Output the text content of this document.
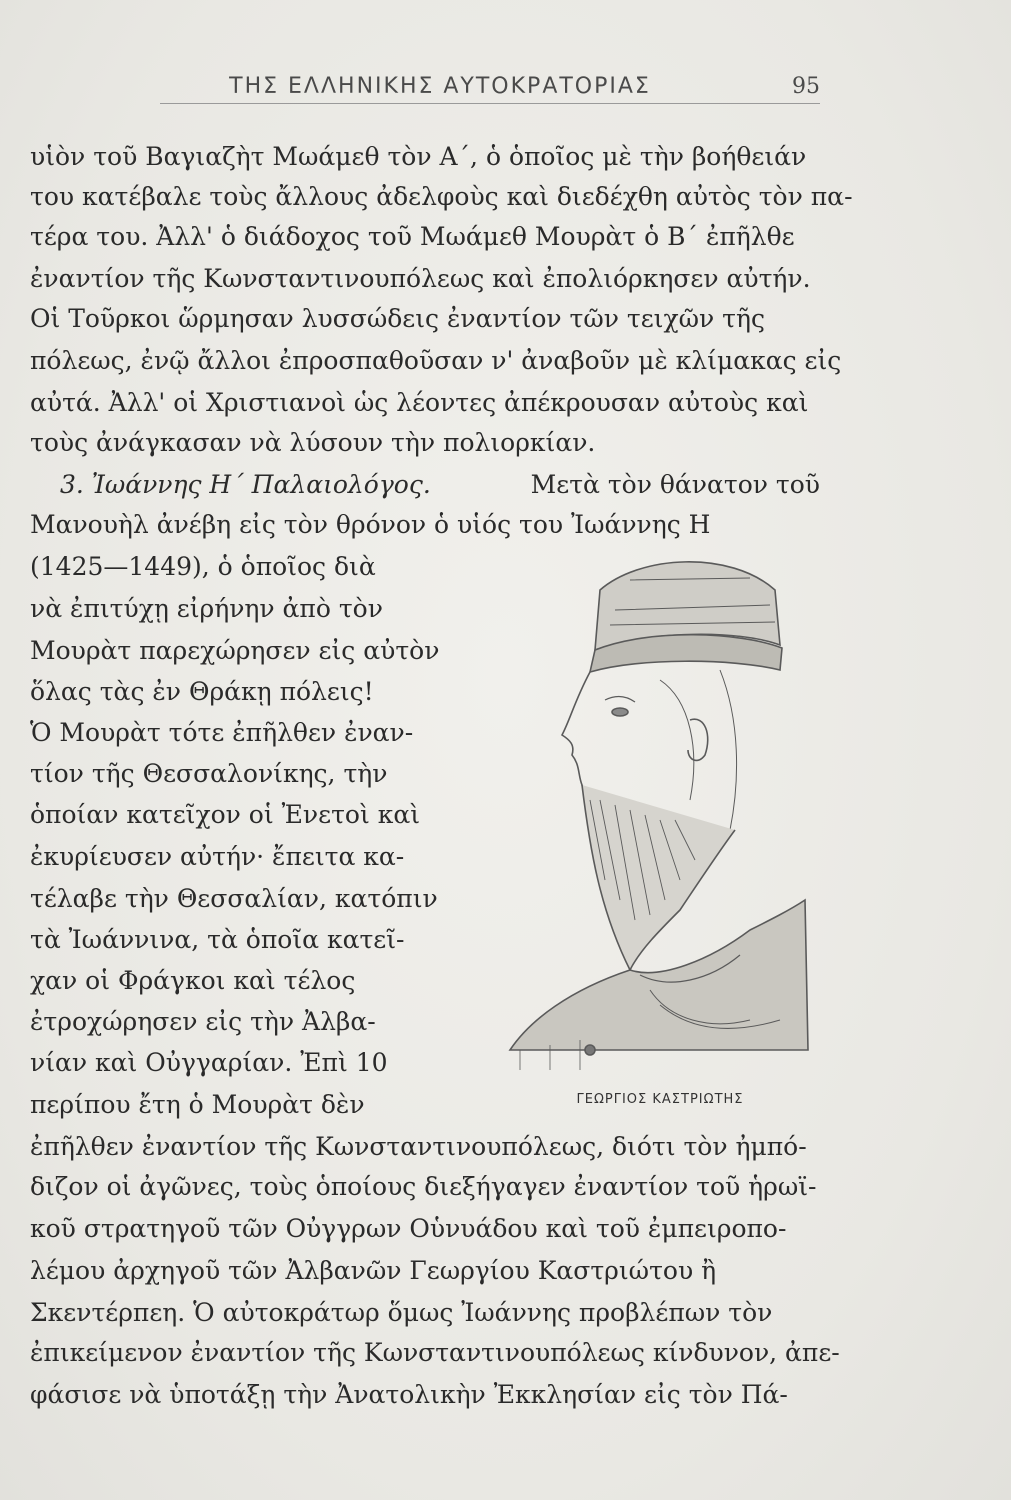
ΤΗΣ ΕΛΛΗΝΙΚΗΣ ΑΥΤΟΚΡΑΤΟΡΙΑΣ	95
υἱὸν τοῦ Βαγιαζὴτ Μωάμεθ τὸν Α΄, ὁ ὁποῖος μὲ τὴν βοήθειάν
του κατέβαλε τοὺς ἄλλους ἀδελφοὺς καὶ διεδέχθη αὐτὸς τὸν πα-
τέρα του. Ἀλλ' ὁ διάδοχος τοῦ Μωάμεθ Μουρὰτ ὁ Β΄ ἐπῆλθε
ἐναντίον τῆς Κωνσταντινουπόλεως καὶ ἐπολιόρκησεν αὐτήν.
Οἱ Τοῦρκοι ὥρμησαν λυσσώδεις ἐναντίον τῶν τειχῶν τῆς
πόλεως, ἐνῷ ἄλλοι ἐπροσπαθοῦσαν ν' ἀναβοῦν μὲ κλίμακας εἰς
αὐτά. Ἀλλ' οἱ Χριστιανοὶ ὡς λέοντες ἀπέκρουσαν αὐτοὺς καὶ
τοὺς ἀνάγκασαν νὰ λύσουν τὴν πολιορκίαν.
3. Ἰωάννης Η΄ Παλαιολόγος.	Μετὰ τὸν θάνατον τοῦ
Μανουὴλ ἀνέβη εἰς τὸν θρόνον ὁ υἱός του Ἰωάννης Η
(1425—1449), ὁ ὁποῖος διὰ
νὰ ἐπιτύχῃ εἰρήνην ἀπὸ τὸν
Μουρὰτ παρεχώρησεν εἰς αὐτὸν
ὅλας τὰς ἐν Θράκῃ πόλεις!
Ὁ Μουρὰτ τότε ἐπῆλθεν ἐναν-
τίον τῆς Θεσσαλονίκης, τὴν
ὁποίαν κατεῖχον οἱ Ἐνετοὶ καὶ
ἐκυρίευσεν αὐτήν· ἔπειτα κα-
τέλαβε τὴν Θεσσαλίαν, κατόπιν
τὰ Ἰωάννινα, τὰ ὁποῖα κατεῖ-
χαν οἱ Φράγκοι καὶ τέλος
ἐτροχώρησεν εἰς τὴν Ἀλβα-
νίαν καὶ Οὐγγαρίαν. Ἐπὶ 10
περίπου ἔτη ὁ Μουρὰτ δὲν	ΓΕΩΡΓΙΟΣ ΚΑΣΤΡΙΩΤΗΣ
ἐπῆλθεν ἐναντίον τῆς Κωνσταντινουπόλεως, διότι τὸν ἠμπό-
διζον οἱ ἀγῶνες, τοὺς ὁποίους διεξήγαγεν ἐναντίον τοῦ ἡρωϊ-
κοῦ στρατηγοῦ τῶν Οὐγγρων Οὑνυάδου καὶ τοῦ ἐμπειροπο-
λέμου ἀρχηγοῦ τῶν Ἀλβανῶν Γεωργίου Καστριώτου ἢ
Σκεντέρπεη. Ὁ αὐτοκράτωρ ὅμως Ἰωάννης προβλέπων τὸν
ἐπικείμενον ἐναντίον τῆς Κωνσταντινουπόλεως κίνδυνον, ἀπε-
φάσισε νὰ ὑποτάξῃ τὴν Ἀνατολικὴν Ἐκκλησίαν εἰς τὸν Πά-
